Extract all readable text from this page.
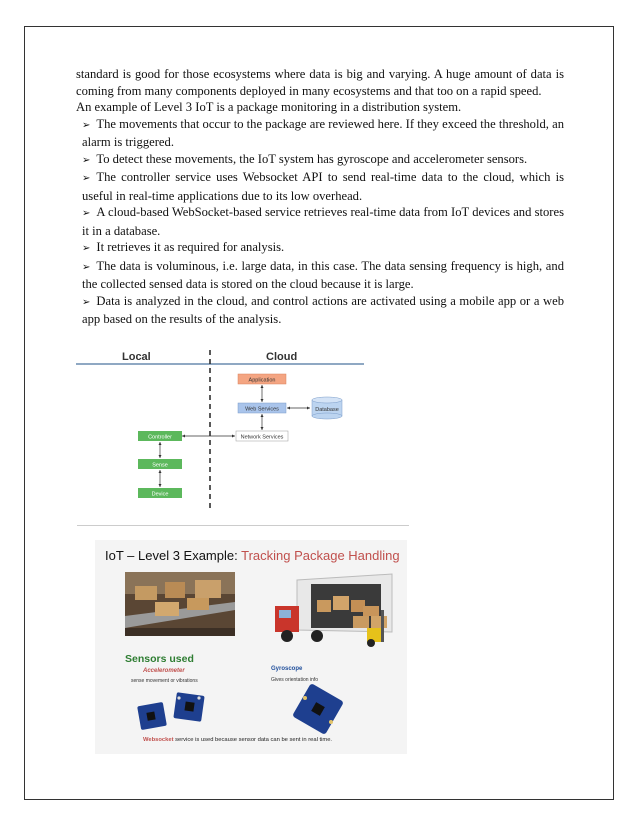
standard is good for those ecosystems where data is big and varying. A huge amount of data is coming from many components deployed in many ecosystems and that too on a rapid speed.

An example of Level 3 IoT is a package monitoring in a distribution system.

➢ The movements that occur to the package are reviewed here. If they exceed the threshold, an alarm is triggered.

➢ To detect these movements, the IoT system has gyroscope and accelerometer sensors.

➢ The controller service uses Websocket API to send real-time data to the cloud, which is useful in real-time applications due to its low overhead.

➢ A cloud-based WebSocket-based service retrieves real-time data from IoT devices and stores it in a database.

➢ It retrieves it as required for analysis.

➢ The data is voluminous, i.e. large data, in this case. The data sensing frequency is high, and the collected sensed data is stored on the cloud because it is large.

➢ Data is analyzed in the cloud, and control actions are activated using a mobile app or a web app based on the results of the analysis.

Local	Cloud
Application
Web Services	Database
Network Services
Controller
Sense
Device
IoT – Level 3 Example: Tracking Package Handling
Sensors used
Accelerometer
sense movement or vibrations
Gyroscope
Gives orientation info
Websocket service is used because sensor data can be sent in real time.
